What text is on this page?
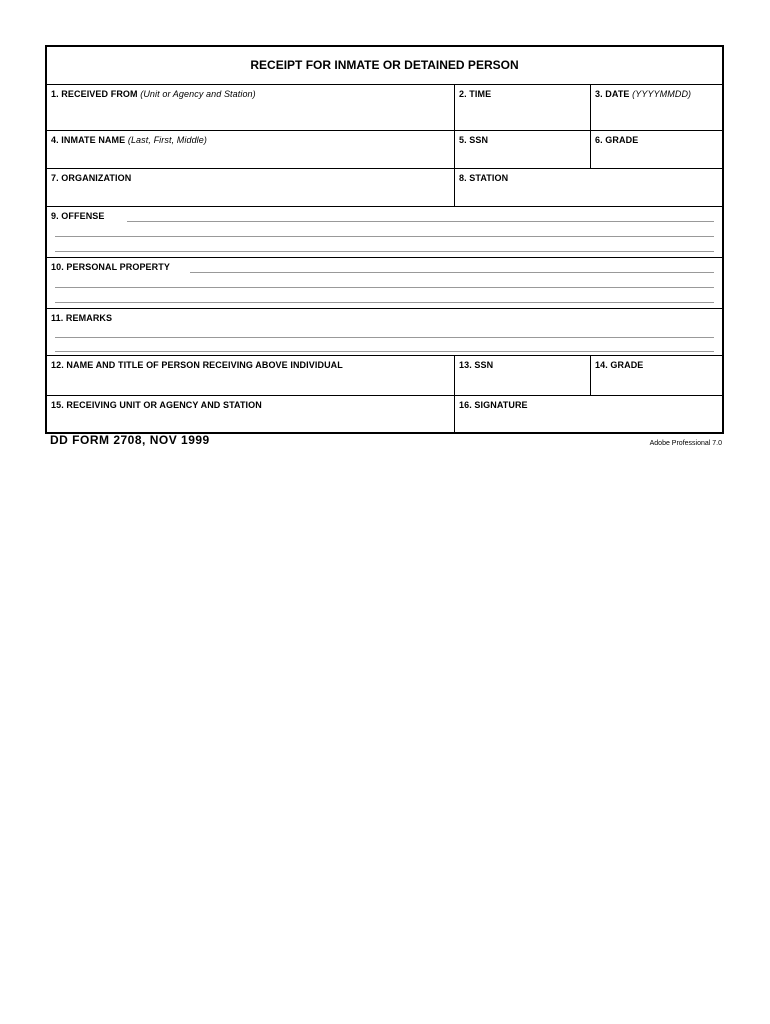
RECEIPT FOR INMATE OR DETAINED PERSON
1. RECEIVED FROM (Unit or Agency and Station)	2. TIME	3. DATE (YYYYMMDD)
4. INMATE NAME (Last, First, Middle)	5. SSN	6. GRADE
7. ORGANIZATION	8. STATION
9. OFFENSE
10. PERSONAL PROPERTY
11. REMARKS
12. NAME AND TITLE OF PERSON RECEIVING ABOVE INDIVIDUAL	13. SSN	14. GRADE
15. RECEIVING UNIT OR AGENCY AND STATION	16. SIGNATURE
DD FORM 2708, NOV 1999	Adobe Professional 7.0
